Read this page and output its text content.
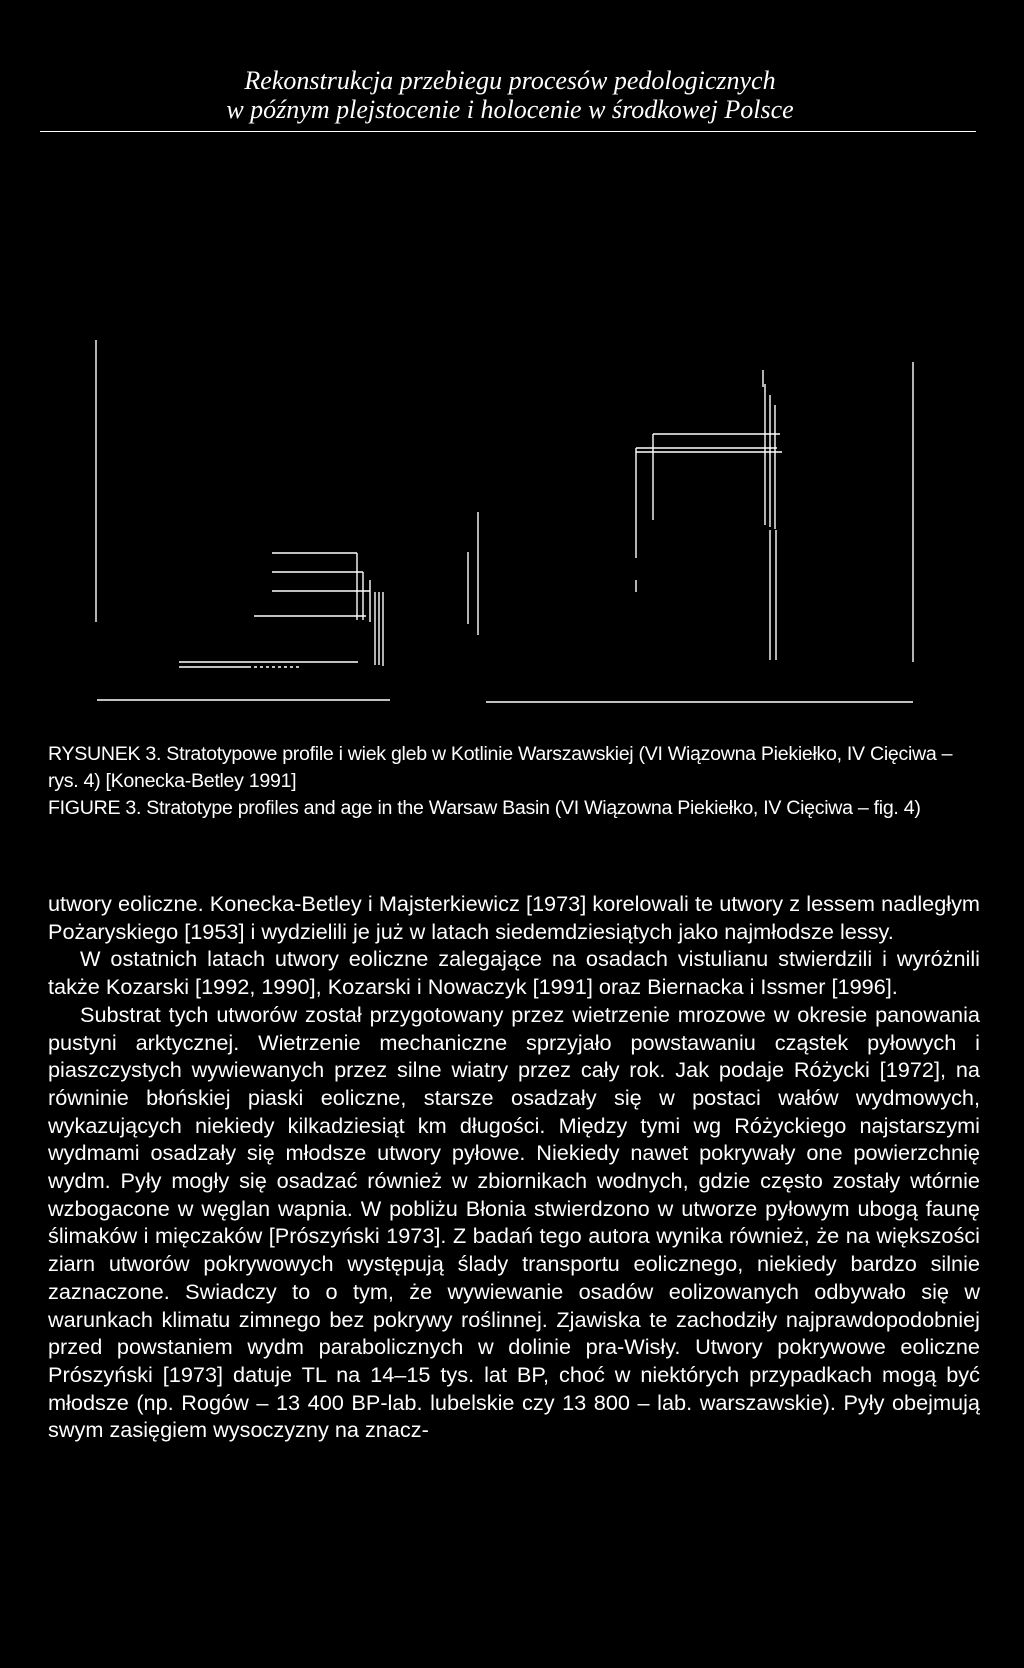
Rekonstrukcja przebiegu procesów pedologicznych
w późnym plejstocenie i holocenie w środkowej Polsce

RYSUNEK 3. Stratotypowe profile i wiek gleb w Kotlinie Warszawskiej (VI Wiązowna Piekiełko, IV Cięciwa – rys. 4) [Konecka-Betley 1991]

FIGURE 3. Stratotype profiles and age in the Warsaw Basin (VI Wiązowna Piekiełko, IV Cięciwa – fig. 4)

utwory eoliczne. Konecka-Betley i Majsterkiewicz [1973] korelowali te utwory z lessem nadległym Pożaryskiego [1953] i wydzielili je już w latach siedemdziesiątych jako najmłodsze lessy.

W ostatnich latach utwory eoliczne zalegające na osadach vistulianu stwierdzili i wyróżnili także Kozarski [1992, 1990], Kozarski i Nowaczyk [1991] oraz Biernacka i Issmer [1996].

Substrat tych utworów został przygotowany przez wietrzenie mrozowe w okresie panowania pustyni arktycznej. Wietrzenie mechaniczne sprzyjało powstawaniu cząstek pyłowych i piaszczystych wywiewanych przez silne wiatry przez cały rok. Jak podaje Różycki [1972], na równinie błońskiej piaski eoliczne, starsze osadzały się w postaci wałów wydmowych, wykazujących niekiedy kilkadziesiąt km długości. Między tymi wg Różyckiego najstarszymi wydmami osadzały się młodsze utwory pyłowe. Niekiedy nawet pokrywały one powierzchnię wydm. Pyły mogły się osadzać również w zbiornikach wodnych, gdzie często zostały wtórnie wzbogacone w węglan wapnia. W pobliżu Błonia stwierdzono w utworze pyłowym ubogą faunę ślimaków i mięczaków [Prószyński 1973]. Z badań tego autora wynika również, że na większości ziarn utworów pokrywowych występują ślady transportu eolicznego, niekiedy bardzo silnie zaznaczone. Swiadczy to o tym, że wywiewanie osadów eolizowanych odbywało się w warunkach klimatu zimnego bez pokrywy roślinnej. Zjawiska te zachodziły najprawdopodobniej przed powstaniem wydm parabolicznych w dolinie pra-Wisły. Utwory pokrywowe eoliczne Prószyński [1973] datuje TL na 14–15 tys. lat BP, choć w niektórych przypadkach mogą być młodsze (np. Rogów – 13 400 BP-lab. lubelskie czy 13 800 – lab. warszawskie). Pyły obejmują swym zasięgiem wysoczyzny na znacz-
